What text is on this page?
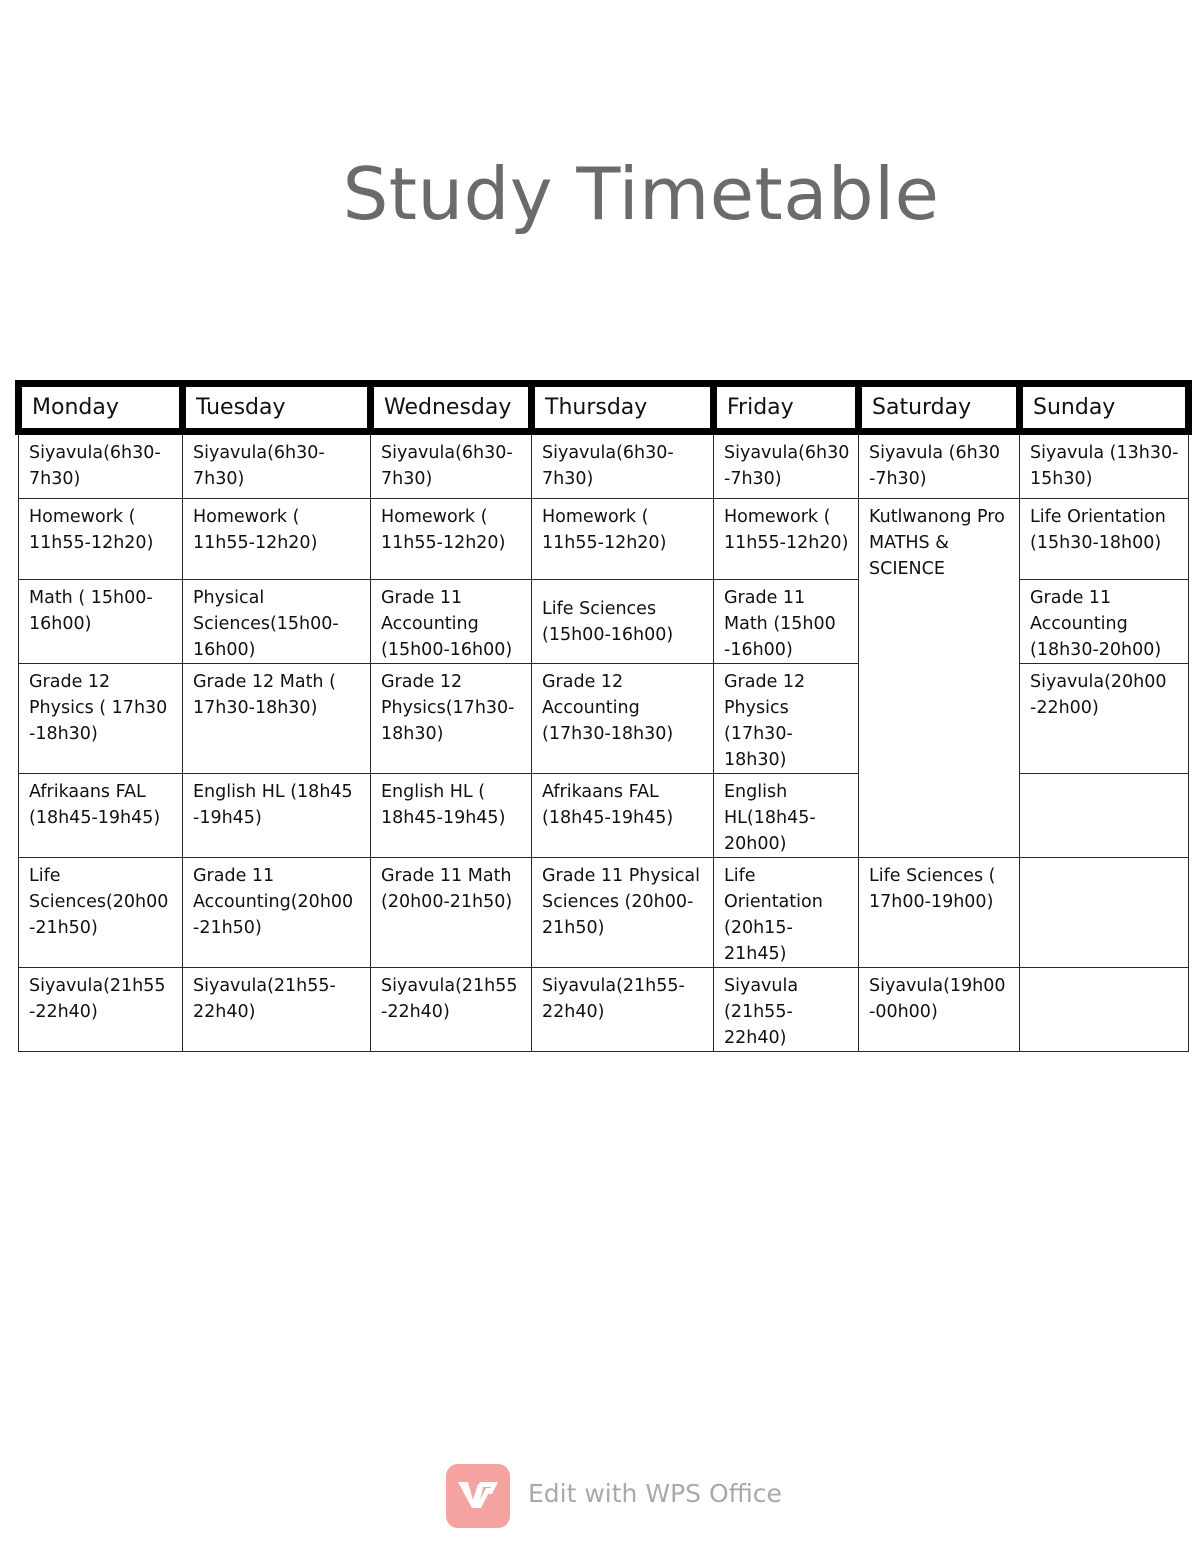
Study Timetable
Monday	Tuesday	Wednesday	Thursday	Friday	Saturday	Sunday
Siyavula(6h30-7h30)	Siyavula(6h30-7h30)	Siyavula(6h30-7h30)	Siyavula(6h30-7h30)	Siyavula(6h30-7h30)	Siyavula (6h30 -7h30)	Siyavula (13h30-15h30)
Homework ( 11h55-12h20)	Homework ( 11h55-12h20)	Homework ( 11h55-12h20)	Homework ( 11h55-12h20)	Homework ( 11h55-12h20)	Kutlwanong Pro MATHS & SCIENCE	Life Orientation (15h30-18h00)
Math ( 15h00-16h00)	Physical Sciences(15h00-16h00)	Grade 11 Accounting (15h00-16h00)	Life Sciences (15h00-16h00)	Grade 11 Math (15h00 -16h00)		Grade 11 Accounting (18h30-20h00)
Grade 12 Physics ( 17h30 -18h30)	Grade 12 Math ( 17h30-18h30)	Grade 12 Physics(17h30-18h30)	Grade 12 Accounting (17h30-18h30)	Grade 12 Physics (17h30-18h30)		Siyavula(20h00 -22h00)
Afrikaans FAL (18h45-19h45)	English HL (18h45 -19h45)	English HL ( 18h45-19h45)	Afrikaans FAL (18h45-19h45)	English HL(18h45-20h00)		
Life Sciences(20h00 -21h50)	Grade 11 Accounting(20h00 -21h50)	Grade 11 Math (20h00-21h50)	Grade 11 Physical Sciences (20h00-21h50)	Life Orientation (20h15-21h45)	Life Sciences ( 17h00-19h00)	
Siyavula(21h55 -22h40)	Siyavula(21h55-22h40)	Siyavula(21h55 -22h40)	Siyavula(21h55-22h40)	Siyavula (21h55-22h40)	Siyavula(19h00 -00h00)	
Edit with WPS Office
